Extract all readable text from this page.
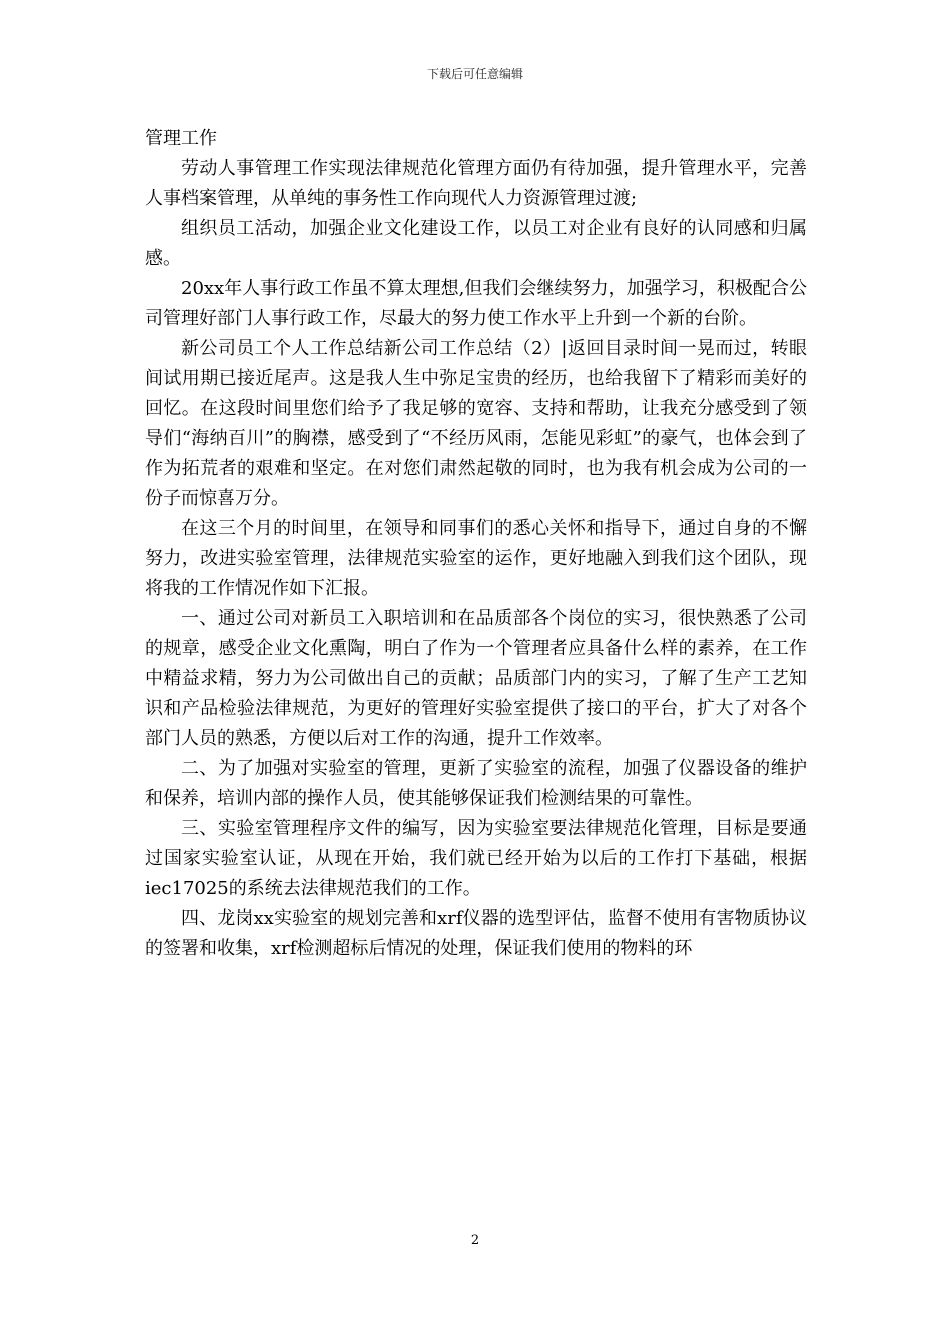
下载后可任意编辑

管理工作

劳动人事管理工作实现法律规范化管理方面仍有待加强，提升管理水平，完善人事档案管理，从单纯的事务性工作向现代人力资源管理过渡;

组织员工活动，加强企业文化建设工作，以员工对企业有良好的认同感和归属感。

20xx年人事行政工作虽不算太理想,但我们会继续努力，加强学习，积极配合公司管理好部门人事行政工作，尽最大的努力使工作水平上升到一个新的台阶。

新公司员工个人工作总结新公司工作总结（2）|返回目录时间一晃而过，转眼间试用期已接近尾声。这是我人生中弥足宝贵的经历，也给我留下了精彩而美好的回忆。在这段时间里您们给予了我足够的宽容、支持和帮助，让我充分感受到了领导们“海纳百川”的胸襟，感受到了“不经历风雨，怎能见彩虹”的豪气，也体会到了作为拓荒者的艰难和坚定。在对您们肃然起敬的同时，也为我有机会成为公司的一份子而惊喜万分。

在这三个月的时间里，在领导和同事们的悉心关怀和指导下，通过自身的不懈努力，改进实验室管理，法律规范实验室的运作，更好地融入到我们这个团队，现将我的工作情况作如下汇报。

一、通过公司对新员工入职培训和在品质部各个岗位的实习，很快熟悉了公司的规章，感受企业文化熏陶，明白了作为一个管理者应具备什么样的素养，在工作中精益求精，努力为公司做出自己的贡献；品质部门内的实习，了解了生产工艺知识和产品检验法律规范，为更好的管理好实验室提供了接口的平台，扩大了对各个部门人员的熟悉，方便以后对工作的沟通，提升工作效率。

二、为了加强对实验室的管理，更新了实验室的流程，加强了仪器设备的维护和保养，培训内部的操作人员，使其能够保证我们检测结果的可靠性。

三、实验室管理程序文件的编写，因为实验室要法律规范化管理，目标是要通过国家实验室认证，从现在开始，我们就已经开始为以后的工作打下基础，根据iec17025的系统去法律规范我们的工作。

四、龙岗xx实验室的规划完善和xrf仪器的选型评估，监督不使用有害物质协议的签署和收集，xrf检测超标后情况的处理，保证我们使用的物料的环

2
